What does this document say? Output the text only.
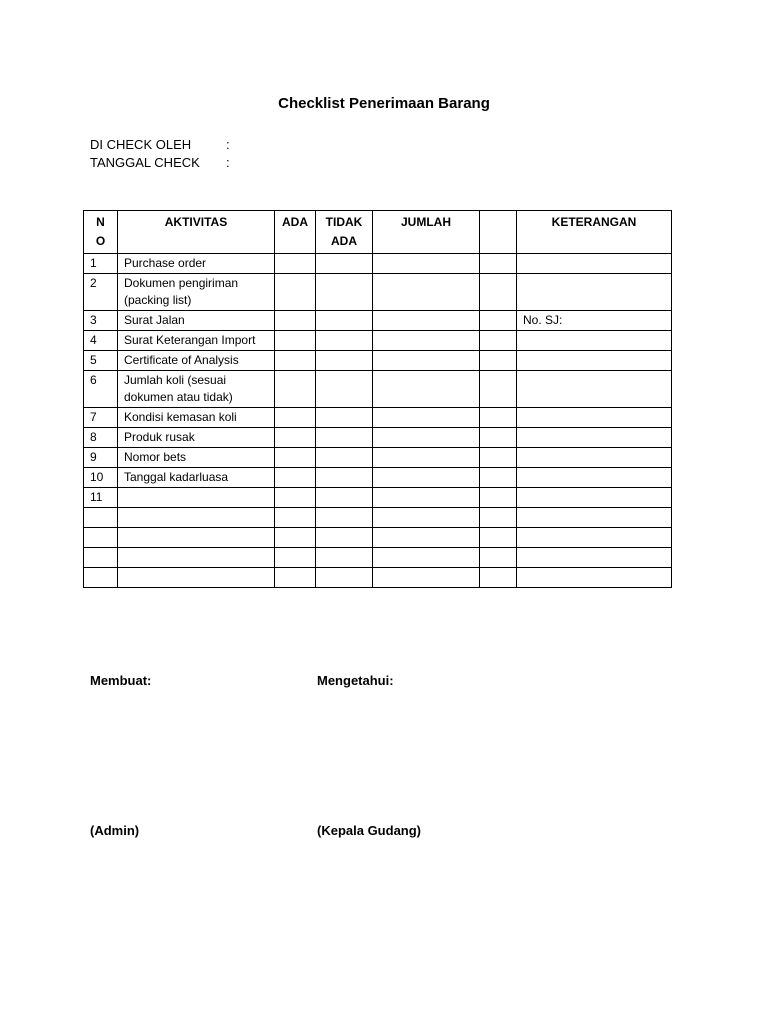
Checklist Penerimaan Barang
DI CHECK OLEH	:
TANGGAL CHECK :
N O	AKTIVITAS	ADA	TIDAK ADA	JUMLAH		KETERANGAN
1	Purchase order					
2	Dokumen pengiriman (packing list)					
3	Surat Jalan					No. SJ:
4	Surat Keterangan Import					
5	Certificate of Analysis					
6	Jumlah koli (sesuai dokumen atau tidak)					
7	Kondisi kemasan koli					
8	Produk rusak					
9	Nomor bets					
10	Tanggal kadarluasa					
11						

Membuat:	Mengetahui:
(Admin)	(Kepala Gudang)
